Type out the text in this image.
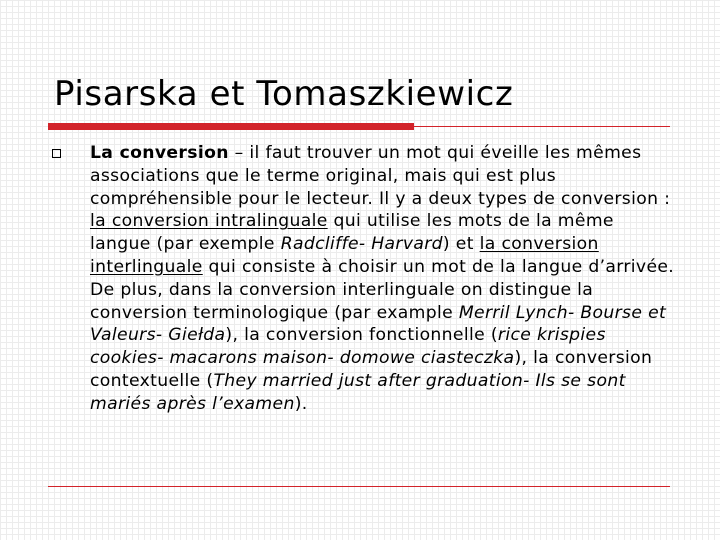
Pisarska et Tomaszkiewicz

La conversion – il faut trouver un mot qui éveille les mêmes associations que le terme original, mais qui est plus compréhensible pour le lecteur. Il y a deux types de conversion : la conversion intralinguale qui utilise les mots de la même langue (par exemple Radcliffe- Harvard) et la conversion interlinguale qui consiste à choisir un mot de la langue d’arrivée. De plus, dans la conversion interlinguale on distingue la conversion terminologique (par example Merril Lynch- Bourse et Valeurs- Giełda), la conversion fonctionnelle (rice krispies cookies- macarons maison- domowe ciasteczka), la conversion contextuelle (They married just after graduation- Ils se sont mariés après l’examen).
